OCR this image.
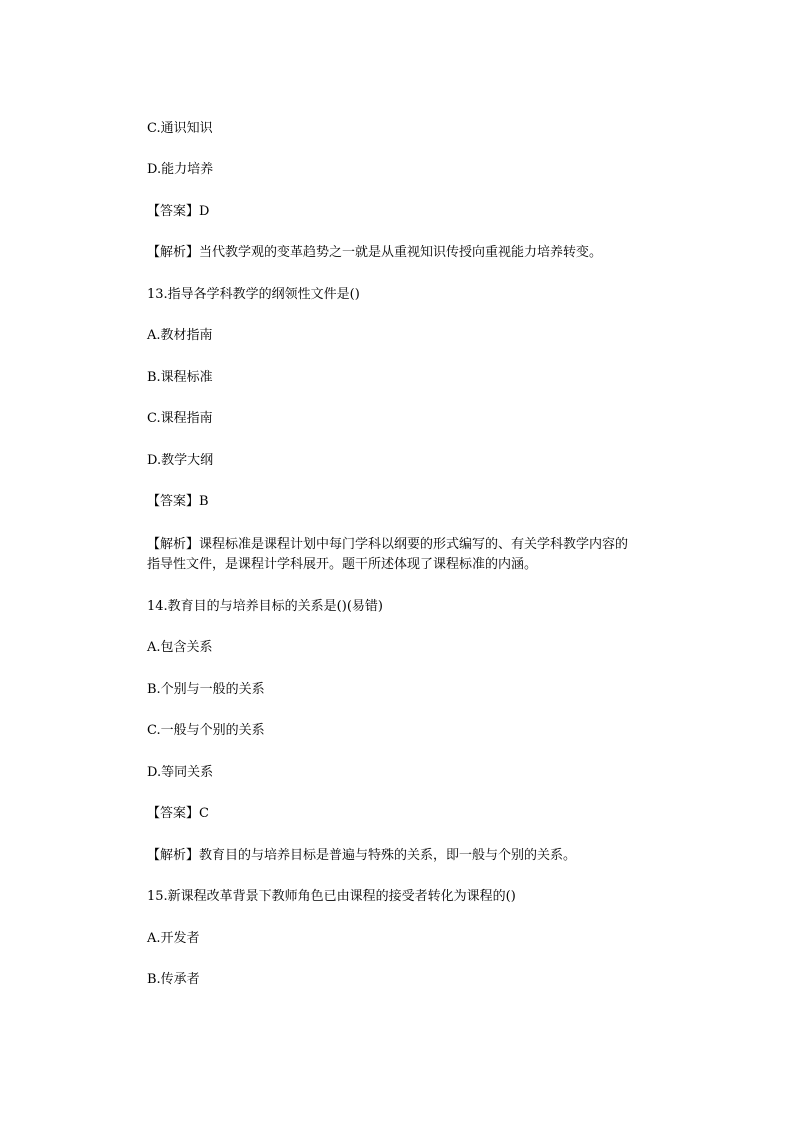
C.通识知识
D.能力培养
【答案】D
【解析】当代教学观的变革趋势之一就是从重视知识传授向重视能力培养转变。
13.指导各学科教学的纲领性文件是()
A.教材指南
B.课程标准
C.课程指南
D.教学大纲
【答案】B
【解析】课程标准是课程计划中每门学科以纲要的形式编写的、有关学科教学内容的
指导性文件，是课程计学科展开。题干所述体现了课程标准的内涵。
14.教育目的与培养目标的关系是()(易错)
A.包含关系
B.个别与一般的关系
C.一般与个别的关系
D.等同关系
【答案】C
【解析】教育目的与培养目标是普遍与特殊的关系，即一般与个别的关系。
15.新课程改革背景下教师角色已由课程的接受者转化为课程的()
A.开发者
B.传承者
